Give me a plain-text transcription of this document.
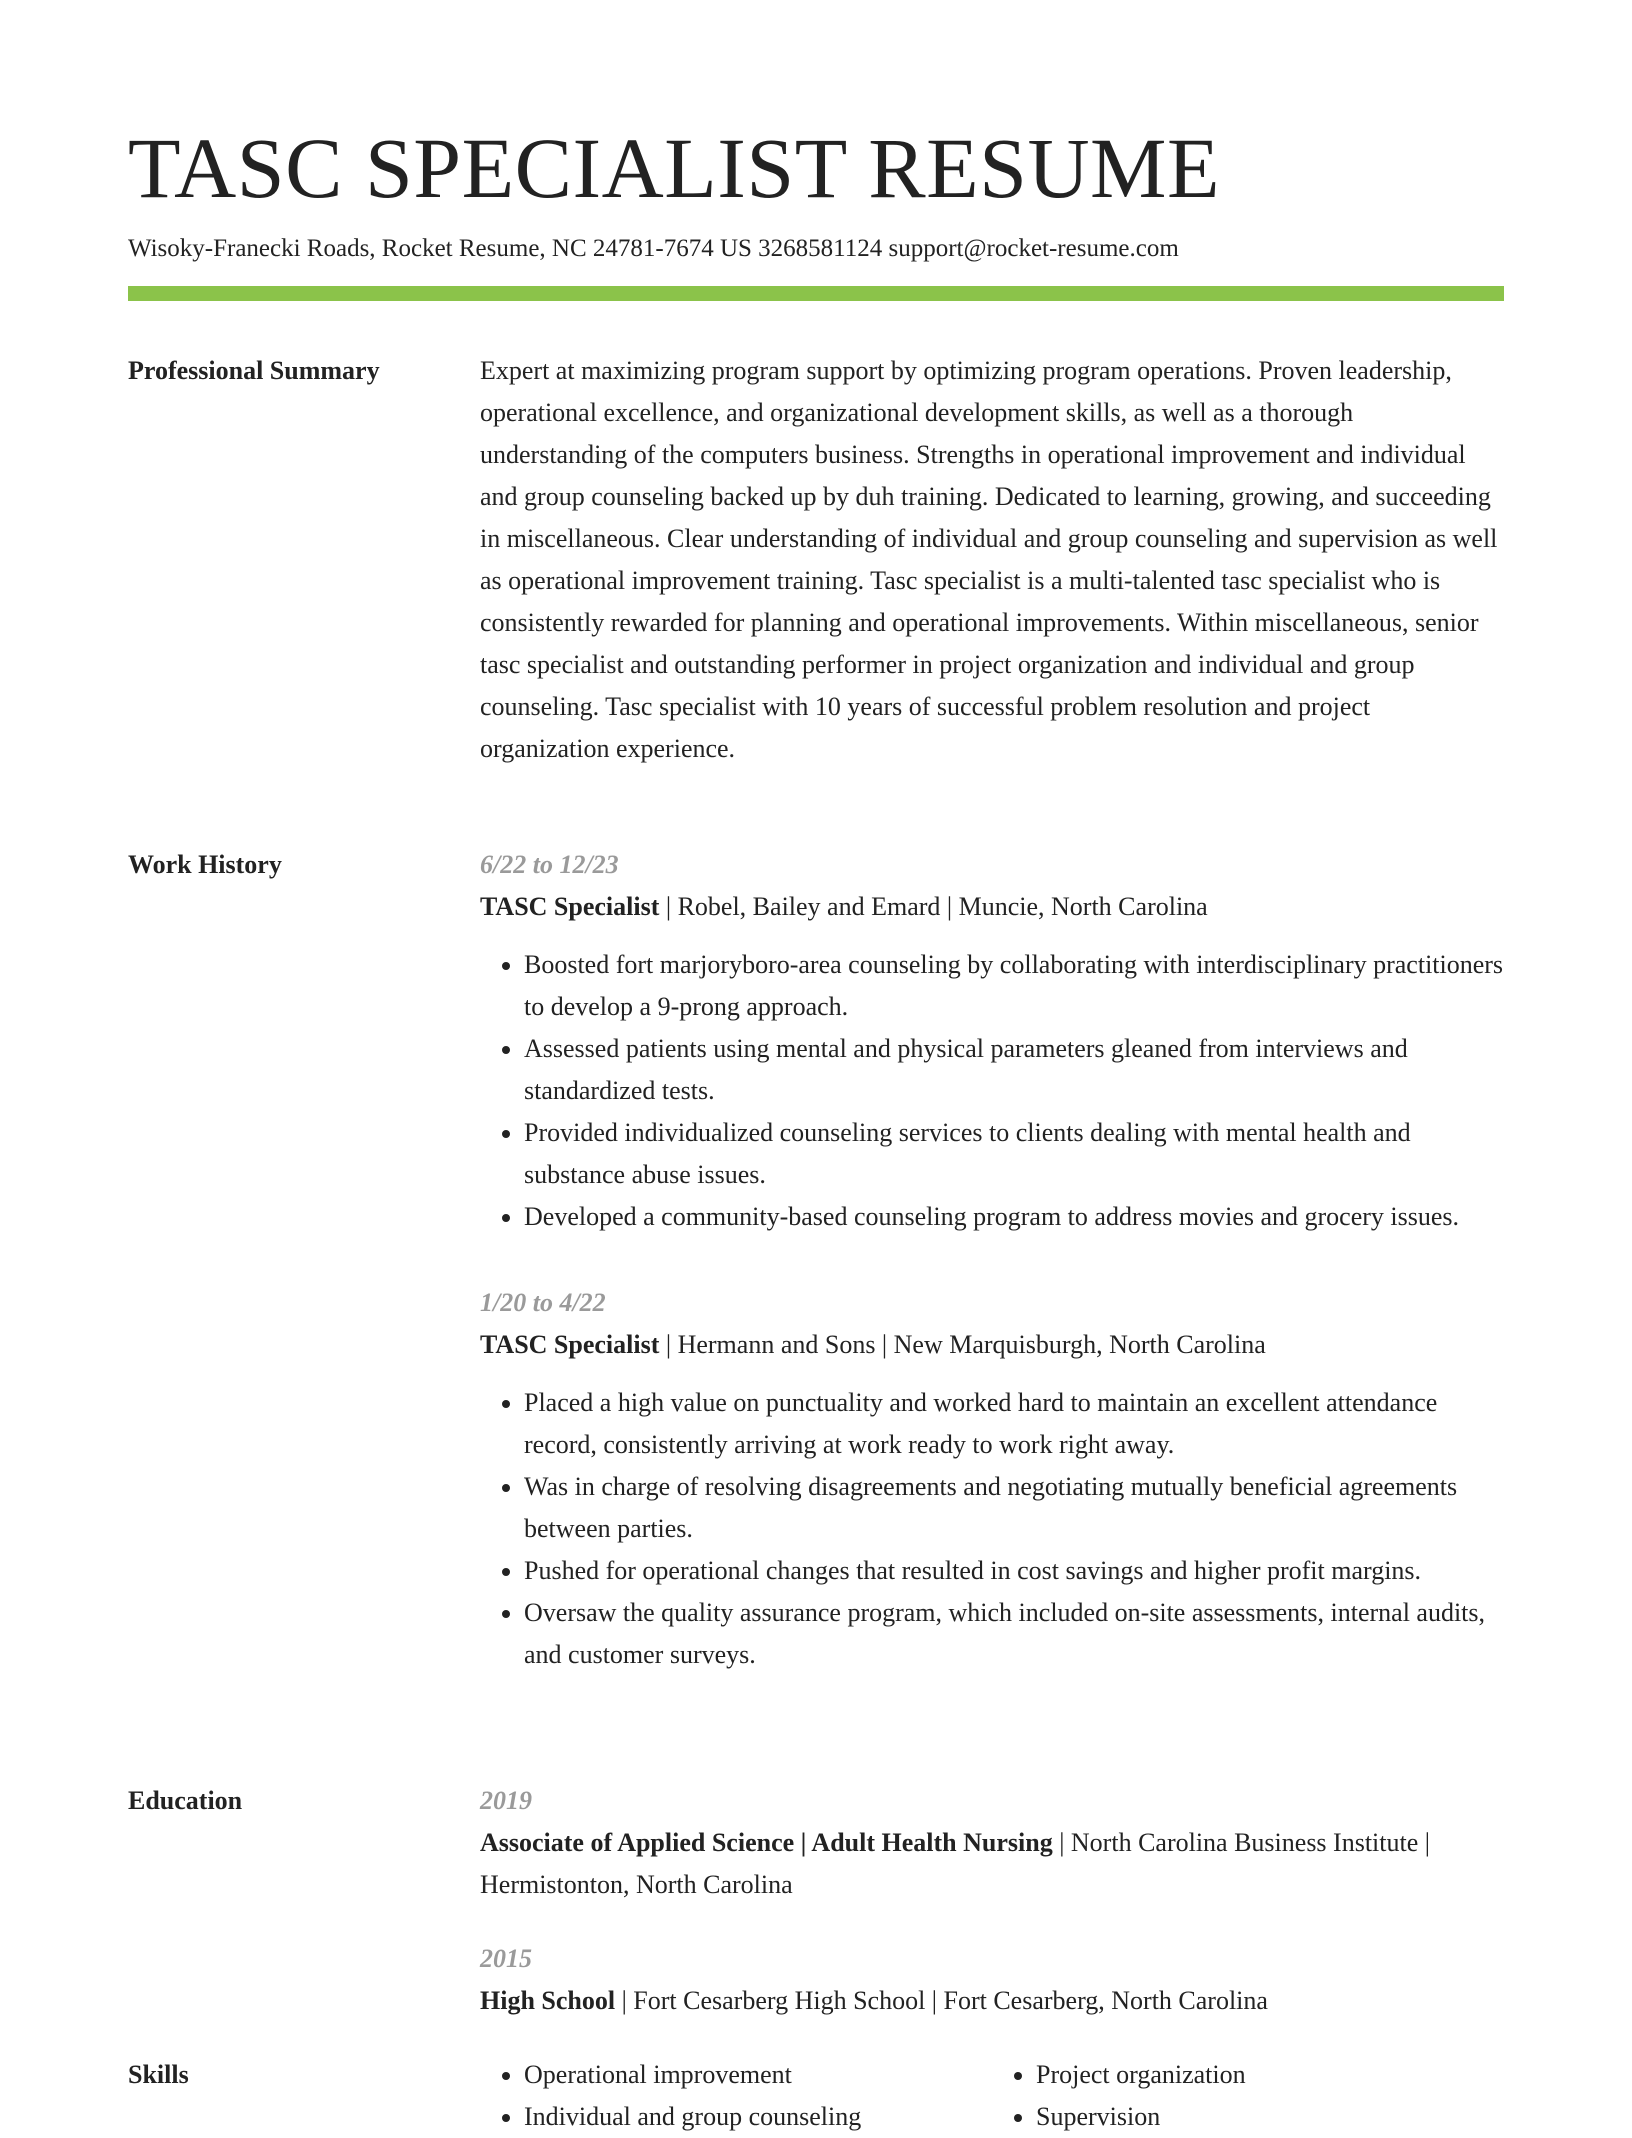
TASC SPECIALIST RESUME
Wisoky-Franecki Roads, Rocket Resume, NC 24781-7674 US 3268581124 support@rocket-resume.com
Professional Summary	Expert at maximizing program support by optimizing program operations. Proven leadership, operational excellence, and organizational development skills, as well as a thorough understanding of the computers business. Strengths in operational improvement and individual and group counseling backed up by duh training. Dedicated to learning, growing, and succeeding in miscellaneous. Clear understanding of individual and group counseling and supervision as well as operational improvement training. Tasc specialist is a multi-talented tasc specialist who is consistently rewarded for planning and operational improvements. Within miscellaneous, senior tasc specialist and outstanding performer in project organization and individual and group counseling. Tasc specialist with 10 years of successful problem resolution and project organization experience.

Work History	6/22 to 12/23
TASC Specialist | Robel, Bailey and Emard | Muncie, North Carolina
• Boosted fort marjoryboro-area counseling by collaborating with interdisciplinary practitioners to develop a 9-prong approach.
• Assessed patients using mental and physical parameters gleaned from interviews and standardized tests.
• Provided individualized counseling services to clients dealing with mental health and substance abuse issues.
• Developed a community-based counseling program to address movies and grocery issues.
1/20 to 4/22
TASC Specialist | Hermann and Sons | New Marquisburgh, North Carolina
• Placed a high value on punctuality and worked hard to maintain an excellent attendance record, consistently arriving at work ready to work right away.
• Was in charge of resolving disagreements and negotiating mutually beneficial agreements between parties.
• Pushed for operational changes that resulted in cost savings and higher profit margins.
• Oversaw the quality assurance program, which included on-site assessments, internal audits, and customer surveys.
Education	2019
Associate of Applied Science | Adult Health Nursing | North Carolina Business Institute | Hermistonton, North Carolina
2015
High School | Fort Cesarberg High School | Fort Cesarberg, North Carolina
Skills
•	Operational improvement
• Individual and group counseling
• Project organization
• Supervision
